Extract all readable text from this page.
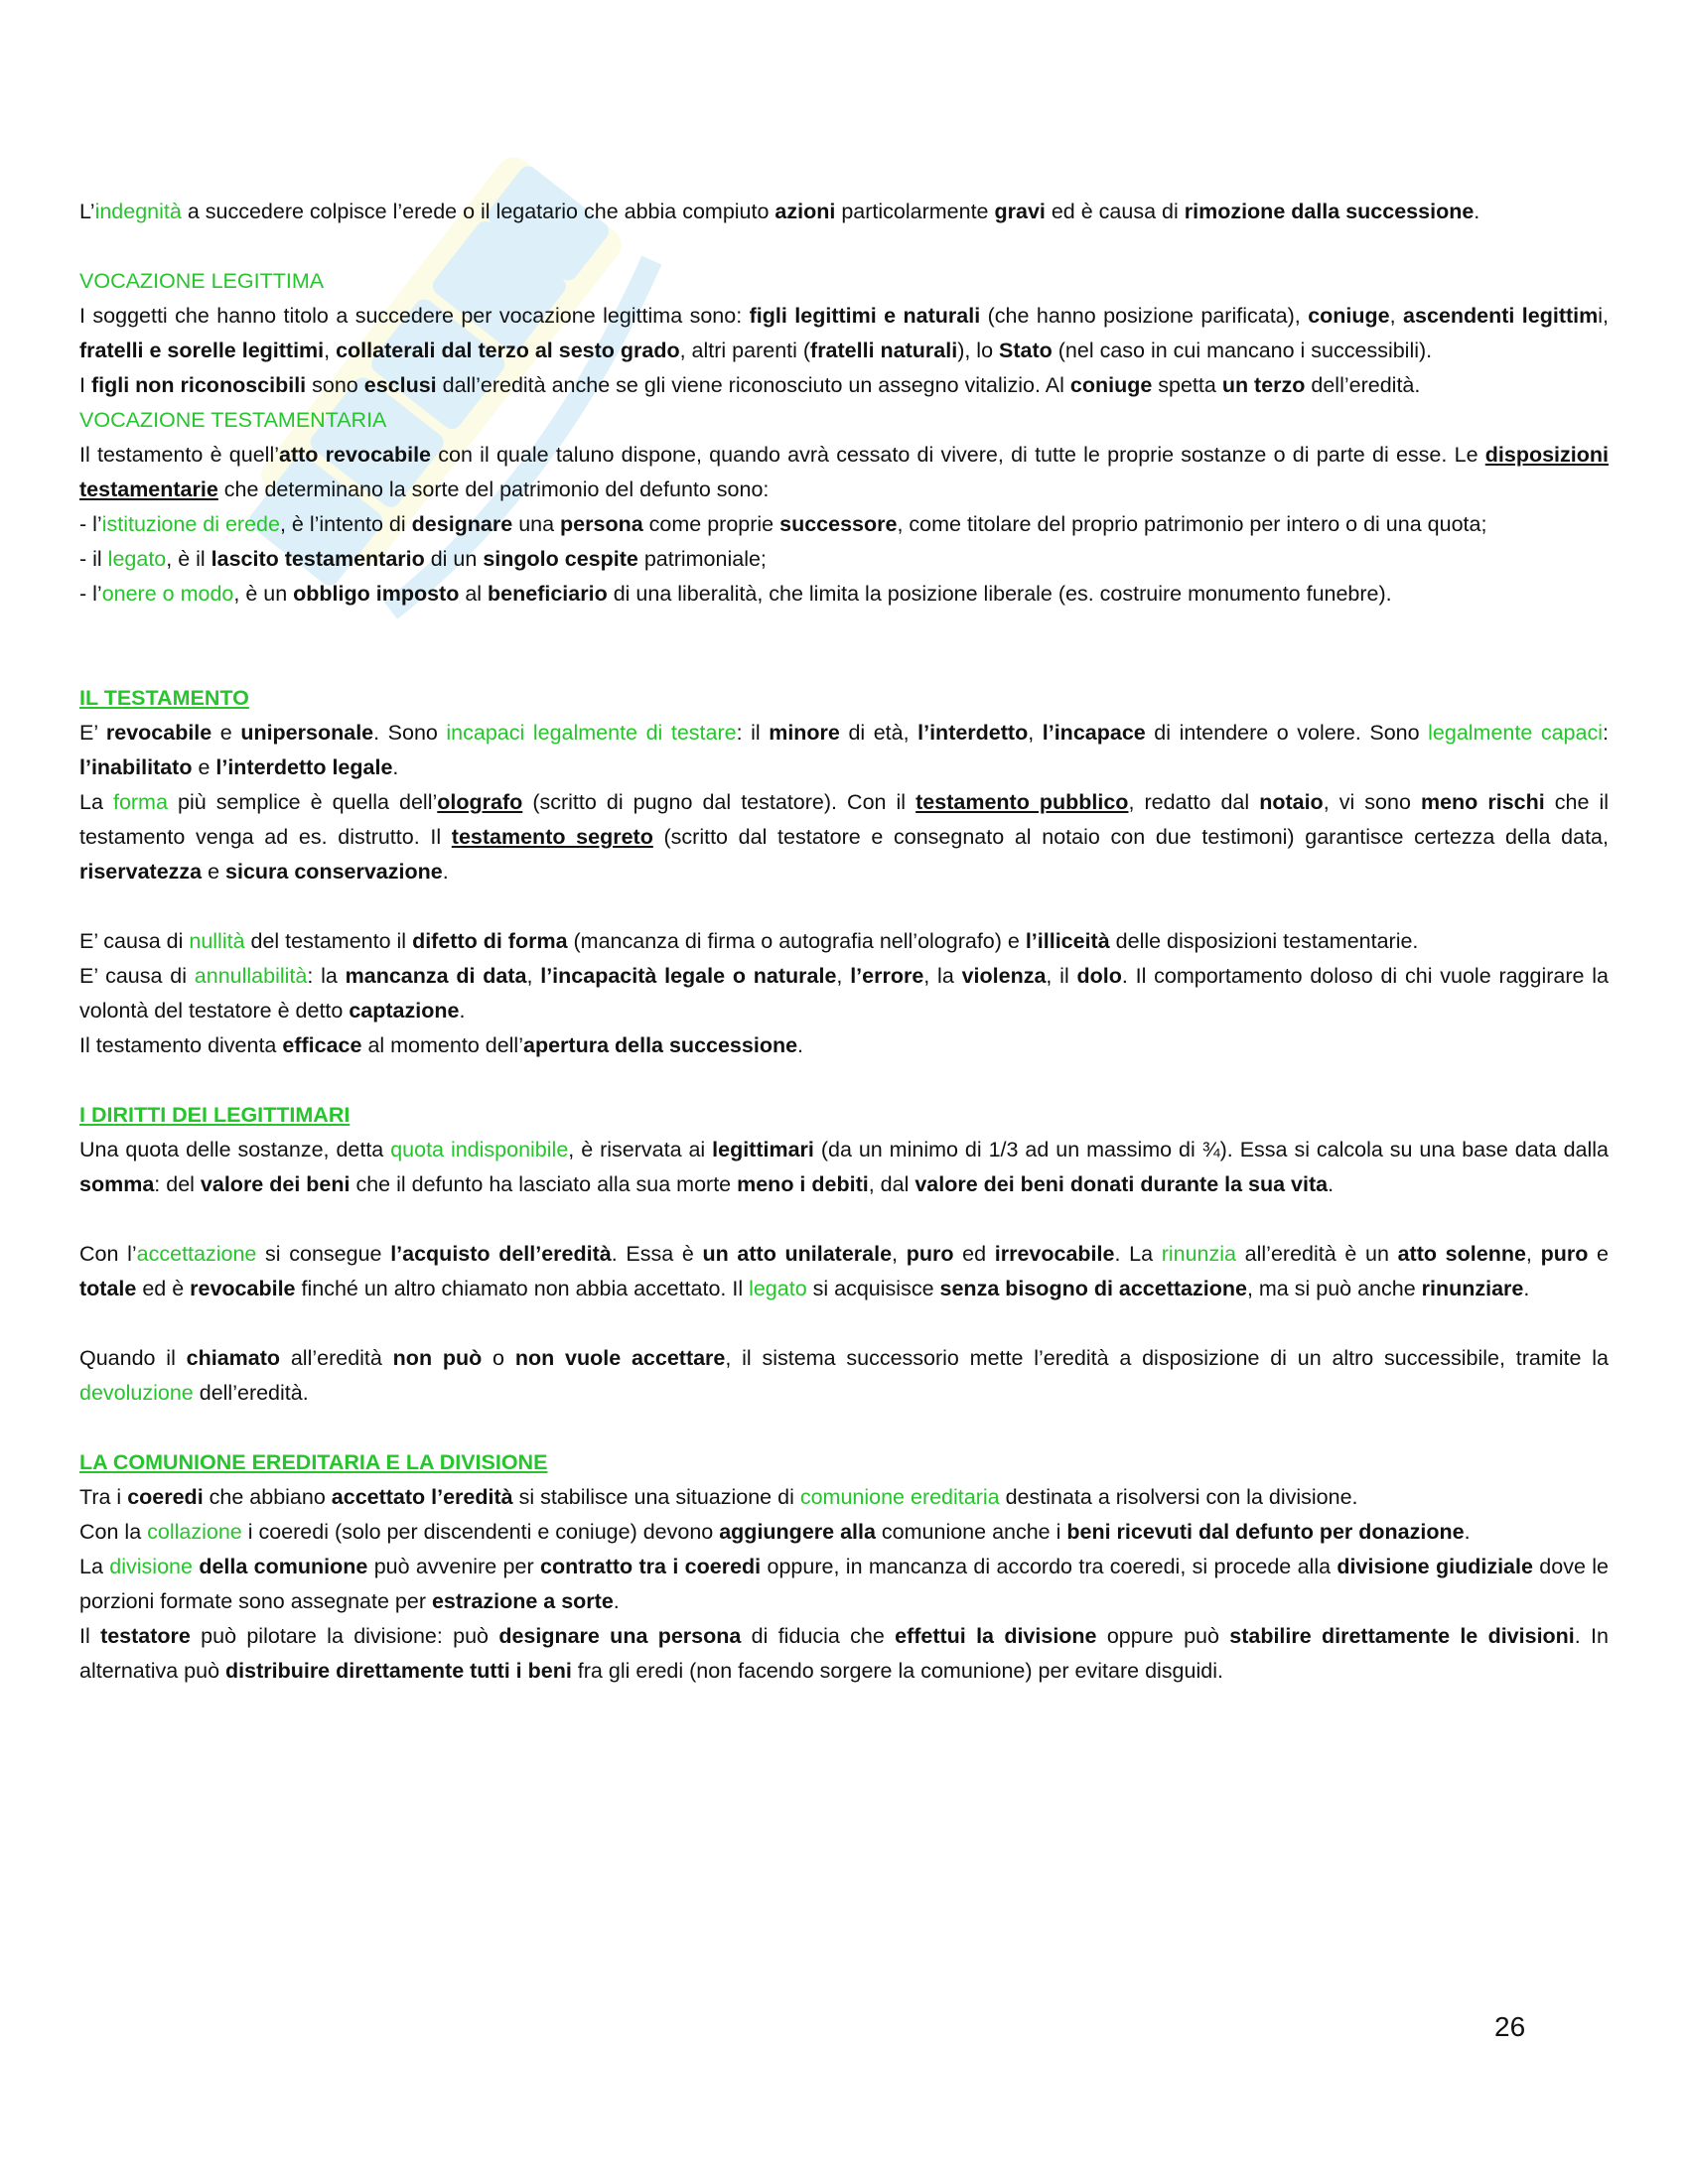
L’indegnità a succedere colpisce l’erede o il legatario che abbia compiuto azioni particolarmente gravi ed è causa di rimozione dalla successione.

VOCAZIONE LEGITTIMA

I soggetti che hanno titolo a succedere per vocazione legittima sono: figli legittimi e naturali (che hanno posizione parificata), coniuge, ascendenti legittimi, fratelli e sorelle legittimi, collaterali dal terzo al sesto grado, altri parenti (fratelli naturali), lo Stato (nel caso in cui mancano i successibili).

I figli non riconoscibili sono esclusi dall’eredità anche se gli viene riconosciuto un assegno vitalizio. Al coniuge spetta un terzo dell’eredità.

VOCAZIONE TESTAMENTARIA

Il testamento è quell’atto revocabile con il quale taluno dispone, quando avrà cessato di vivere, di tutte le proprie sostanze o di parte di esse. Le disposizioni testamentarie che determinano la sorte del patrimonio del defunto sono:

- l’istituzione di erede, è l’intento di designare una persona come proprie successore, come titolare del proprio patrimonio per intero o di una quota;

- il legato, è il lascito testamentario di un singolo cespite patrimoniale;

- l’onere o modo, è un obbligo imposto al beneficiario di una liberalità, che limita la posizione liberale (es. costruire monumento funebre).

IL TESTAMENTO

E’ revocabile e unipersonale. Sono incapaci legalmente di testare: il minore di età, l’interdetto, l’incapace di intendere o volere. Sono legalmente capaci: l’inabilitato e l’interdetto legale.

La forma più semplice è quella dell’olografo (scritto di pugno dal testatore). Con il testamento pubblico, redatto dal notaio, vi sono meno rischi che il testamento venga ad es. distrutto. Il testamento segreto (scritto dal testatore e consegnato al notaio con due testimoni) garantisce certezza della data, riservatezza e sicura conservazione.

E’ causa di nullità del testamento il difetto di forma (mancanza di firma o autografia nell’olografo) e l’illiceità delle disposizioni testamentarie.

E’ causa di annullabilità: la mancanza di data, l’incapacità legale o naturale, l’errore, la violenza, il dolo. Il comportamento doloso di chi vuole raggirare la volontà del testatore è detto captazione.

Il testamento diventa efficace al momento dell’apertura della successione.

I DIRITTI DEI LEGITTIMARI

Una quota delle sostanze, detta quota indisponibile, è riservata ai legittimari (da un minimo di 1/3 ad un massimo di ¾). Essa si calcola su una base data dalla somma: del valore dei beni che il defunto ha lasciato alla sua morte meno i debiti, dal valore dei beni donati durante la sua vita.

Con l’accettazione si consegue l’acquisto dell’eredità. Essa è un atto unilaterale, puro ed irrevocabile. La rinunzia all’eredità è un atto solenne, puro e totale ed è revocabile finché un altro chiamato non abbia accettato. Il legato si acquisisce senza bisogno di accettazione, ma si può anche rinunziare.

Quando il chiamato all’eredità non può o non vuole accettare, il sistema successorio mette l’eredità a disposizione di un altro successibile, tramite la devoluzione dell’eredità.

LA COMUNIONE EREDITARIA E LA DIVISIONE

Tra i coeredi che abbiano accettato l’eredità si stabilisce una situazione di comunione ereditaria destinata a risolversi con la divisione.

Con la collazione i coeredi (solo per discendenti e coniuge) devono aggiungere alla comunione anche i beni ricevuti dal defunto per donazione.

La divisione della comunione può avvenire per contratto tra i coeredi oppure, in mancanza di accordo tra coeredi, si procede alla divisione giudiziale dove le porzioni formate sono assegnate per estrazione a sorte.

Il testatore può pilotare la divisione: può designare una persona di fiducia che effettui la divisione oppure può stabilire direttamente le divisioni. In alternativa può distribuire direttamente tutti i beni fra gli eredi (non facendo sorgere la comunione) per evitare disguidi.

26
